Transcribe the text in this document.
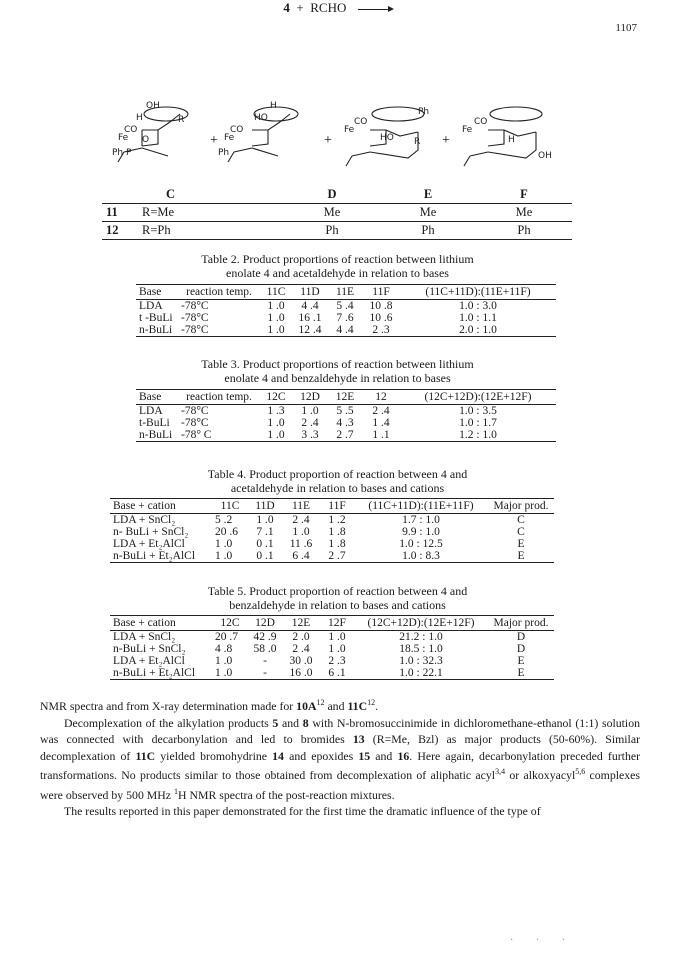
1107
4 + RCHO →
OH
H	R
CO
Fe O
Ph P
HO
CO
Fe
H
Ph
CO
Fe
HO R
Ph
CO
Fe
H
OH
+	+	+
	C	D	E	F
11	R=Me	Me	Me	Me
12	R=Ph	Ph	Ph	Ph
Table 2. Product proportions of reaction between lithium
enolate 4 and acetaldehyde in relation to bases
Base	reaction temp.	11C	11D	11E	11F	(11C+11D):(11E+11F)
LDA	-78°C	1 .0	4 .4	5 .4	10 .8	1.0 : 3.0
t -BuLi	-78°C	1 .0	16 .1	7 .6	10 .6	1.0 : 1.1
n-BuLi	-78°C	1 .0	12 .4	4 .4	2 .3	2.0 : 1.0
Table 3. Product proportions of reaction between lithium
enolate 4 and benzaldehyde in relation to bases
Base	reaction temp.	12C	12D	12E	12	(12C+12D):(12E+12F)
LDA	-78°C	1 .3	1 .0	5 .5	2 .4	1.0 : 3.5
t-BuLi	-78°C	1 .0	2 .4	4 .3	1 .4	1.0 : 1.7
n-BuLi	-78° C	1 .0	3 .3	2 .7	1 .1	1.2 : 1.0
Table 4. Product proportion of reaction between 4 and
acetaldehyde in relation to bases and cations
Base + cation	11C	11D	11E	11F	(11C+11D):(11E+11F)	Major prod.
LDA + SnCl₂	5 .2	1 .0	2 .4	1 .2	1.7 : 1.0	C
n- BuLi + SnCl₂	20 .6	7 .1	1 .0	1 .8	9.9 : 1.0	C
LDA + Et₂AlCl	1 .0	0 .1	11 .6	1 .8	1.0 : 12.5	E
n-BuLi + Et₂AlCl	1 .0	0 .1	6 .4	2 .7	1.0 : 8.3	E
Table 5. Product proportion of reaction between 4 and
benzaldehyde in relation to bases and cations
Base + cation	12C	12D	12E	12F	(12C+12D):(12E+12F)	Major prod.
LDA + SnCl₂	20 .7	42 .9	2 .0	1 .0	21.2 : 1.0	D
n-BuLi + SnCl₂	4 .8	58 .0	2 .4	1 .0	18.5 : 1.0	D
LDA + Et₂AlCl	1 .0	-	30 .0	2 .3	1.0 : 32.3	E
n-BuLi + Et₂AlCl	1 .0	-	16 .0	6 .1	1.0 : 22.1	E

NMR spectra and from X-ray determination made for $10A^{12}$ and $11C^{12}$.

Decomplexation of the alkylation products 5 and 8 with N-bromosuccinimide in dichloromethane-ethanol (1:1) solution was connected with decarbonylation and led to bromides 13 (R=Me, Bzl) as major products (50-60%). Similar decomplexation of 11C yielded bromohydrine 14 and epoxides 15 and 16. Here again, decarbonylation preceded further transformations. No products similar to those obtained from decomplexation of aliphatic acyl$^{3,4}$ or alkoxyacyl$^{5,6}$ complexes were observed by 500 MHz $^1$H NMR spectra of the post-reaction mixtures.

The results reported in this paper demonstrated for the first time the dramatic influence of the type of

· · ·
